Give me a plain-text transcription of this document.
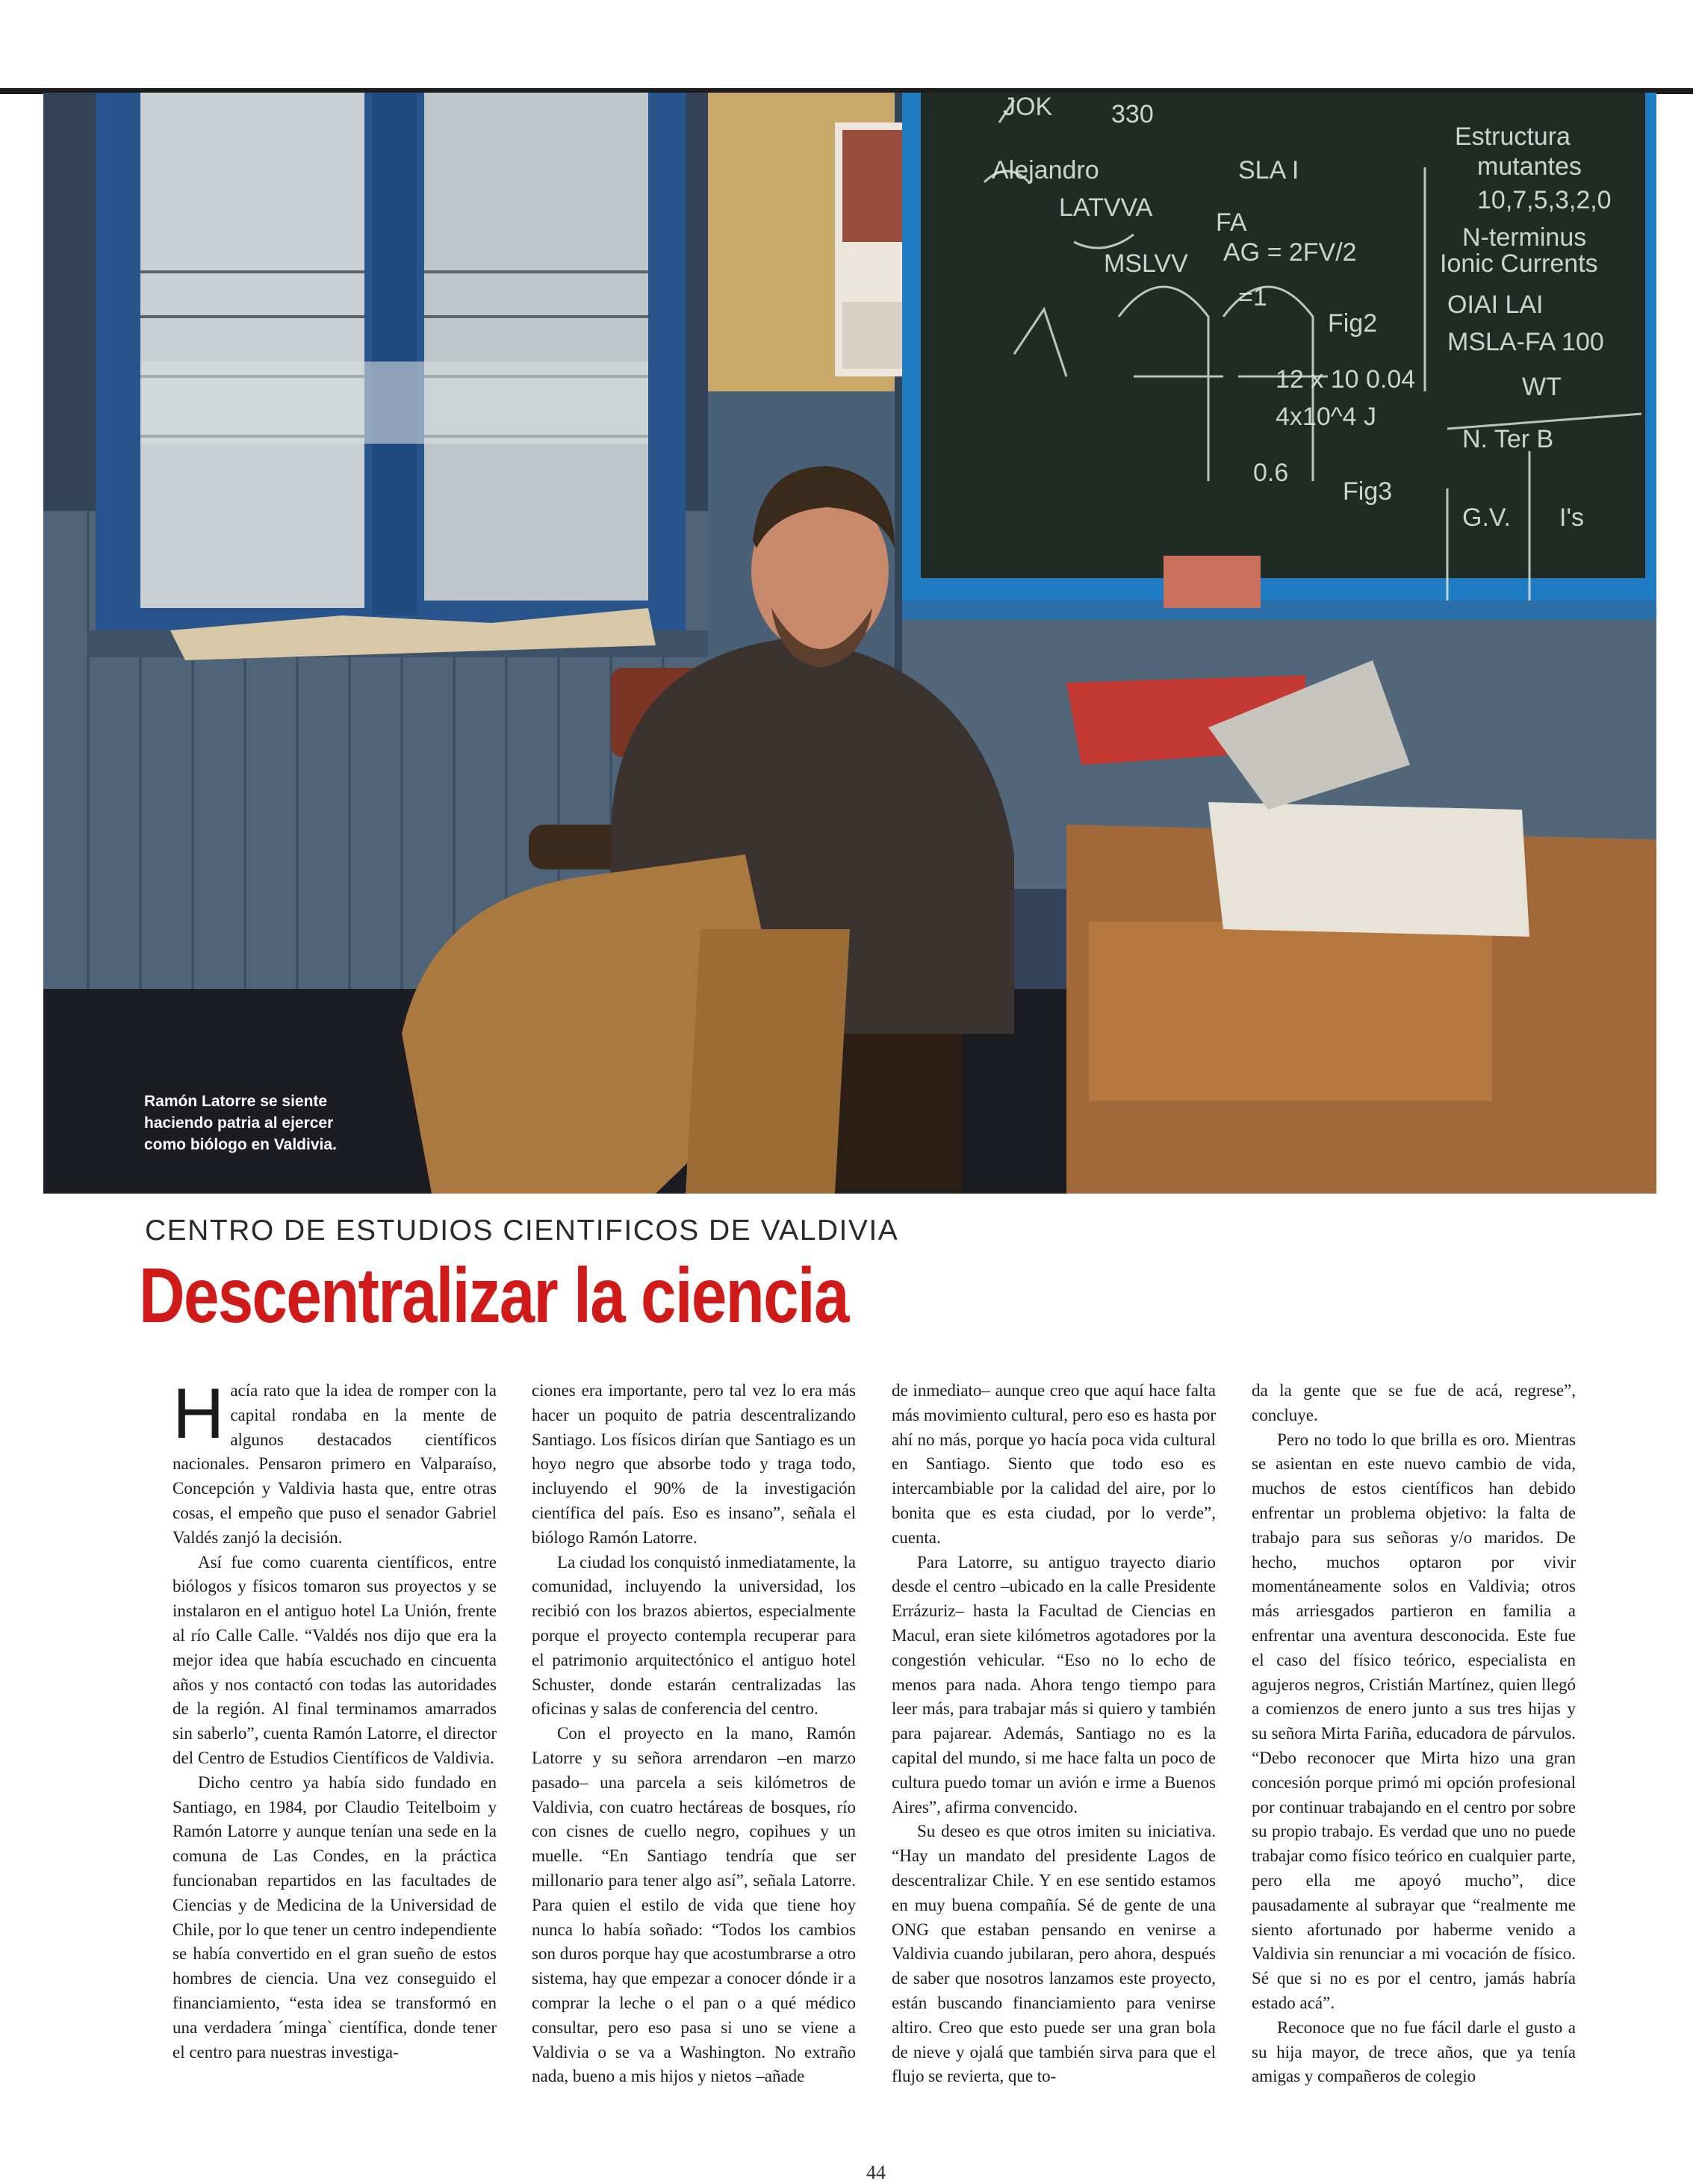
JOK 330
Alejandro	SLA I
LATVVA
MSLVV
FA
AG = 2FV/2
=1
Fig2
12 x 10 0.04
4x10^4 J
0.6
Fig3
Estructura
mutantes
10,7,5,3,2,0
N-terminus
Ionic Currents
OIAI LAI
MSLA-FA 100
WT
N. Ter B
G.V. I's
Ramón Latorre se siente
haciendo patria al ejercer
como biólogo en Valdivia.
CENTRO DE ESTUDIOS CIENTIFICOS DE VALDIVIA
Descentralizar la ciencia

Hacía rato que la idea de romper con la capital rondaba en la mente de algunos destacados científicos nacionales. Pensaron primero en Valparaíso, Concepción y Valdivia hasta que, entre otras cosas, el empeño que puso el senador Gabriel Valdés zanjó la decisión.

Así fue como cuarenta científicos, entre biólogos y físicos tomaron sus proyectos y se instalaron en el antiguo hotel La Unión, frente al río Calle Calle. “Valdés nos dijo que era la mejor idea que había escuchado en cincuenta años y nos contactó con todas las autoridades de la región. Al final terminamos amarrados sin saberlo”, cuenta Ramón Latorre, el director del Centro de Estudios Científicos de Valdivia.

Dicho centro ya había sido fundado en Santiago, en 1984, por Claudio Teitelboim y Ramón Latorre y aunque tenían una sede en la comuna de Las Condes, en la práctica funcionaban repartidos en las facultades de Ciencias y de Medicina de la Universidad de Chile, por lo que tener un centro independiente se había convertido en el gran sueño de estos hombres de ciencia. Una vez conseguido el financiamiento, “esta idea se transformó en una verdadera ´minga` científica, donde tener el centro para nuestras investiga-

ciones era importante, pero tal vez lo era más hacer un poquito de patria descentralizando Santiago. Los físicos dirían que Santiago es un hoyo negro que absorbe todo y traga todo, incluyendo el 90% de la investigación científica del país. Eso es insano”, señala el biólogo Ramón Latorre.

La ciudad los conquistó inmediatamente, la comunidad, incluyendo la universidad, los recibió con los brazos abiertos, especialmente porque el proyecto contempla recuperar para el patrimonio arquitectónico el antiguo hotel Schuster, donde estarán centralizadas las oficinas y salas de conferencia del centro.

Con el proyecto en la mano, Ramón Latorre y su señora arrendaron –en marzo pasado– una parcela a seis kilómetros de Valdivia, con cuatro hectáreas de bosques, río con cisnes de cuello negro, copihues y un muelle. “En Santiago tendría que ser millonario para tener algo así”, señala Latorre. Para quien el estilo de vida que tiene hoy nunca lo había soñado: “Todos los cambios son duros porque hay que acostumbrarse a otro sistema, hay que empezar a conocer dónde ir a comprar la leche o el pan o a qué médico consultar, pero eso pasa si uno se viene a Valdivia o se va a Washington. No extraño nada, bueno a mis hijos y nietos –añade

de inmediato– aunque creo que aquí hace falta más movimiento cultural, pero eso es hasta por ahí no más, porque yo hacía poca vida cultural en Santiago. Siento que todo eso es intercambiable por la calidad del aire, por lo bonita que es esta ciudad, por lo verde”, cuenta.

Para Latorre, su antiguo trayecto diario desde el centro –ubicado en la calle Presidente Errázuriz– hasta la Facultad de Ciencias en Macul, eran siete kilómetros agotadores por la congestión vehicular. “Eso no lo echo de menos para nada. Ahora tengo tiempo para leer más, para trabajar más si quiero y también para pajarear. Además, Santiago no es la capital del mundo, si me hace falta un poco de cultura puedo tomar un avión e irme a Buenos Aires”, afirma convencido.

Su deseo es que otros imiten su iniciativa. “Hay un mandato del presidente Lagos de descentralizar Chile. Y en ese sentido estamos en muy buena compañía. Sé de gente de una ONG que estaban pensando en venirse a Valdivia cuando jubilaran, pero ahora, después de saber que nosotros lanzamos este proyecto, están buscando financiamiento para venirse altiro. Creo que esto puede ser una gran bola de nieve y ojalá que también sirva para que el flujo se revierta, que to-

da la gente que se fue de acá, regrese”, concluye.

Pero no todo lo que brilla es oro. Mientras se asientan en este nuevo cambio de vida, muchos de estos científicos han debido enfrentar un problema objetivo: la falta de trabajo para sus señoras y/o maridos. De hecho, muchos optaron por vivir momentáneamente solos en Valdivia; otros más arriesgados partieron en familia a enfrentar una aventura desconocida. Este fue el caso del físico teórico, especialista en agujeros negros, Cristián Martínez, quien llegó a comienzos de enero junto a sus tres hijas y su señora Mirta Fariña, educadora de párvulos. “Debo reconocer que Mirta hizo una gran concesión porque primó mi opción profesional por continuar trabajando en el centro por sobre su propio trabajo. Es verdad que uno no puede trabajar como físico teórico en cualquier parte, pero ella me apoyó mucho”, dice pausadamente al subrayar que “realmente me siento afortunado por haberme venido a Valdivia sin renunciar a mi vocación de físico. Sé que si no es por el centro, jamás habría estado acá”.

Reconoce que no fue fácil darle el gusto a su hija mayor, de trece años, que ya tenía amigas y compañeros de colegio

44
